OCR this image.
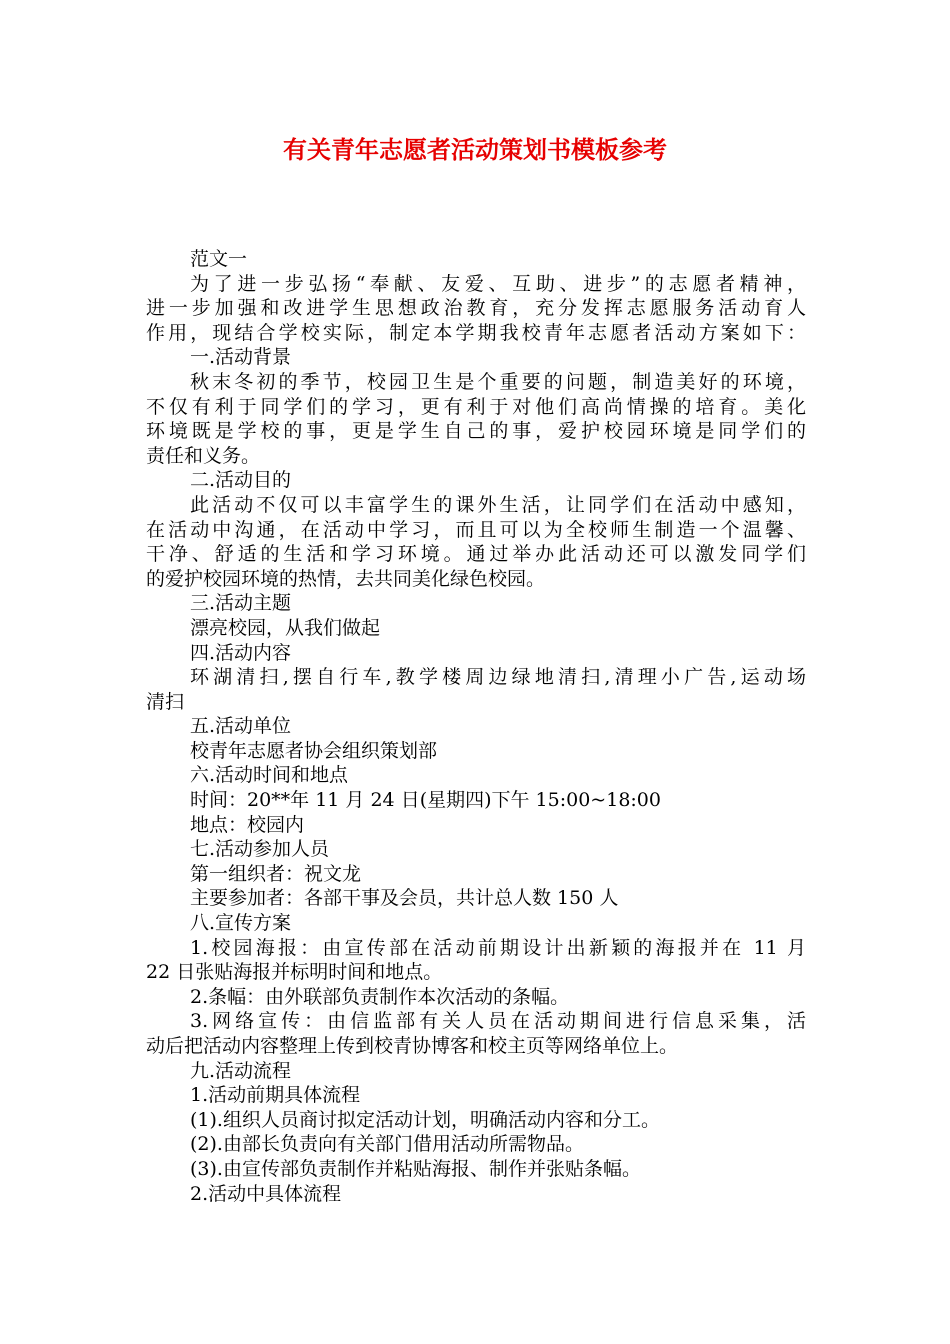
有关青年志愿者活动策划书模板参考
范文一
为了进一步弘扬“奉献、友爱、互助、进步”的志愿者精神，
进一步加强和改进学生思想政治教育，充分发挥志愿服务活动育人
作用，现结合学校实际，制定本学期我校青年志愿者活动方案如下：
一.活动背景
秋末冬初的季节，校园卫生是个重要的问题，制造美好的环境，
不仅有利于同学们的学习，更有利于对他们高尚情操的培育。美化
环境既是学校的事，更是学生自己的事，爱护校园环境是同学们的
责任和义务。
二.活动目的
此活动不仅可以丰富学生的课外生活，让同学们在活动中感知，
在活动中沟通，在活动中学习，而且可以为全校师生制造一个温馨、
干净、舒适的生活和学习环境。通过举办此活动还可以激发同学们
的爱护校园环境的热情，去共同美化绿色校园。
三.活动主题
漂亮校园，从我们做起
四.活动内容
环湖清扫,摆自行车,教学楼周边绿地清扫,清理小广告,运动场
清扫
五.活动单位
校青年志愿者协会组织策划部
六.活动时间和地点
时间：20**年 11 月 24 日(星期四)下午 15:00~18:00
地点：校园内
七.活动参加人员
第一组织者：祝文龙
主要参加者：各部干事及会员，共计总人数 150 人
八.宣传方案
1.校园海报：由宣传部在活动前期设计出新颖的海报并在 11 月
22 日张贴海报并标明时间和地点。
2.条幅：由外联部负责制作本次活动的条幅。
3.网络宣传：由信监部有关人员在活动期间进行信息采集，活
动后把活动内容整理上传到校青协博客和校主页等网络单位上。
九.活动流程
1.活动前期具体流程
(1).组织人员商讨拟定活动计划，明确活动内容和分工。
(2).由部长负责向有关部门借用活动所需物品。
(3).由宣传部负责制作并粘贴海报、制作并张贴条幅。
2.活动中具体流程
